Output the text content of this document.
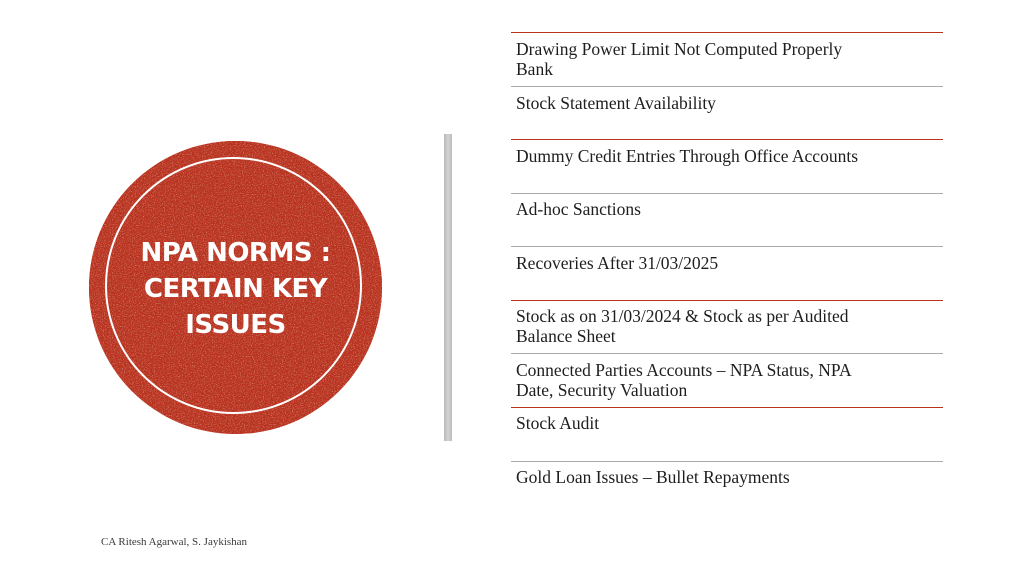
NPA NORMS :
CERTAIN KEY
ISSUES
Drawing Power Limit Not Computed Properly
Bank
Stock Statement Availability
Dummy Credit Entries Through Office Accounts
Ad-hoc Sanctions
Recoveries After 31/03/2025
Stock as on 31/03/2024 & Stock as per Audited
Balance Sheet
Connected Parties Accounts – NPA Status, NPA
Date, Security Valuation
Stock Audit
Gold Loan Issues – Bullet Repayments
CA Ritesh Agarwal, S. Jaykishan
